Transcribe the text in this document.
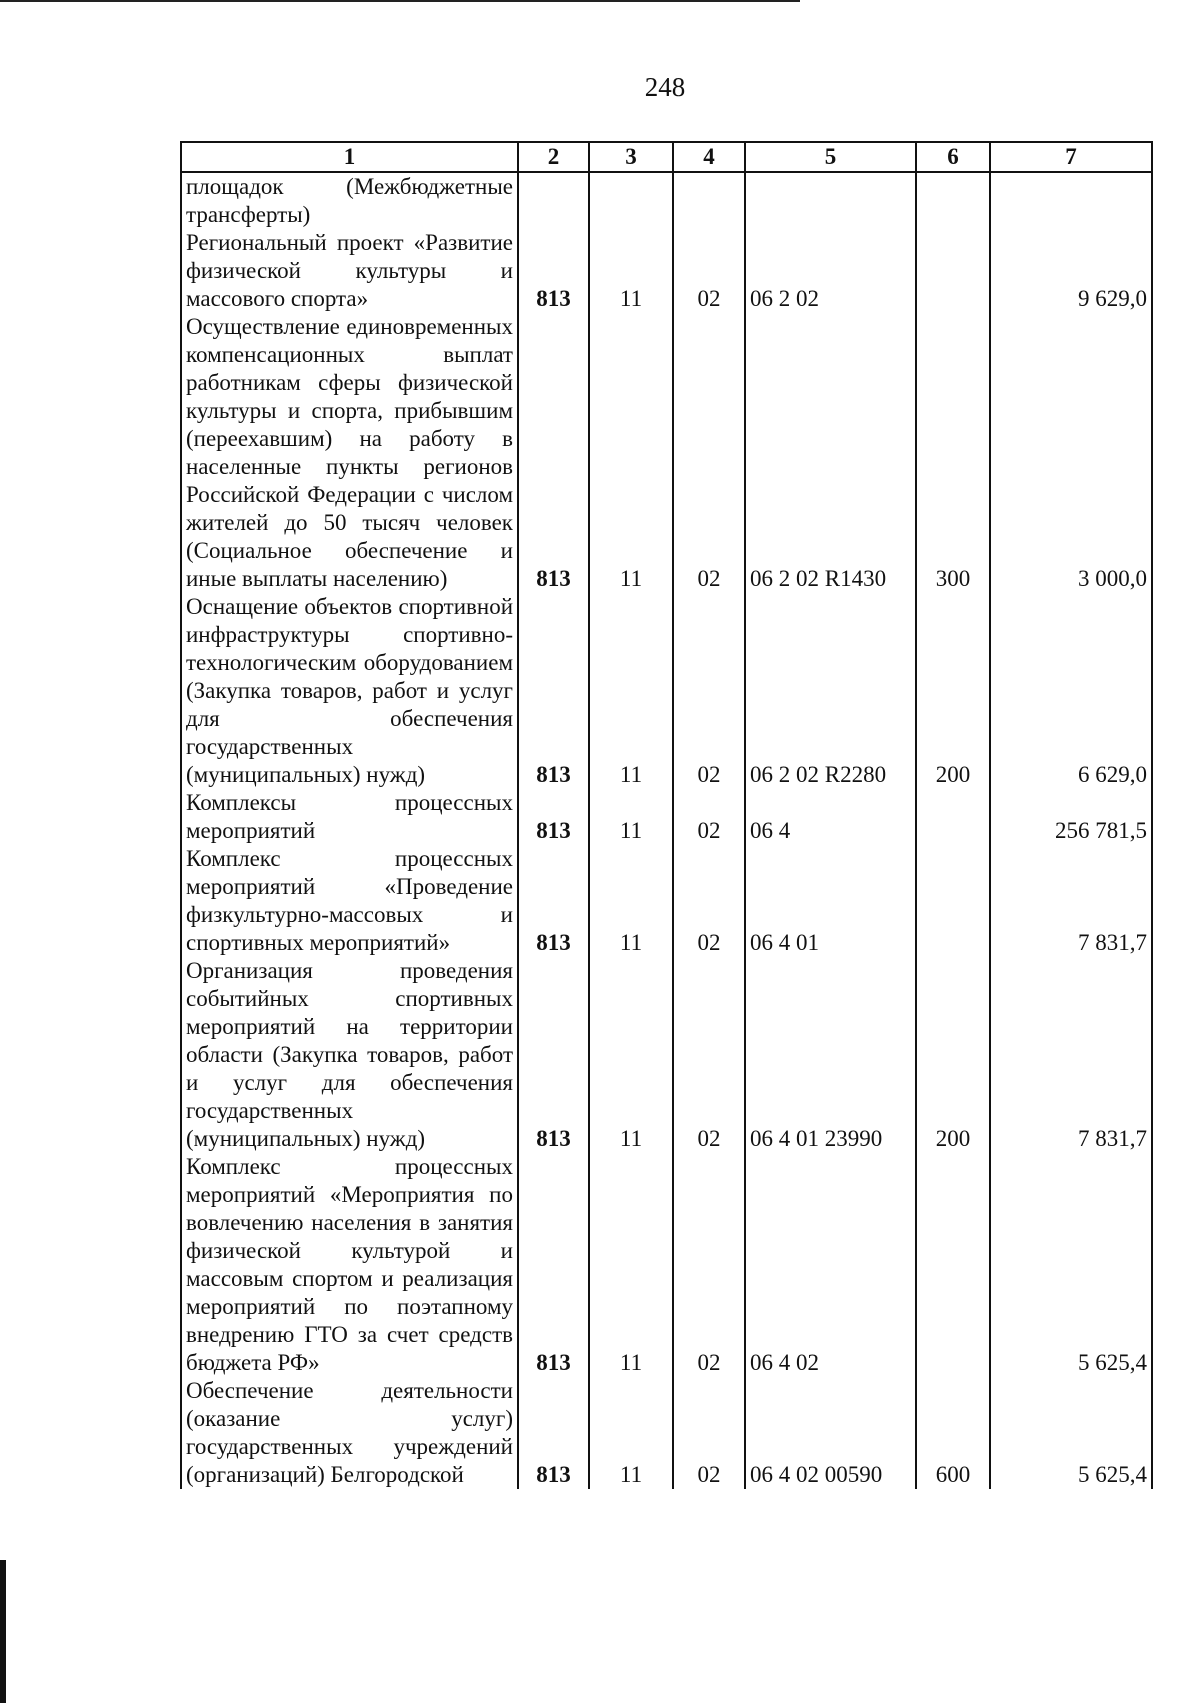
248
1	2	3	4	5	6	7
площадок (Межбюджетные трансферты)						
Региональный проект «Развитие физической культуры и массового спорта»	813	11	02	06 2 02		9 629,0
Осуществление единовременных компенсационных выплат работникам сферы физической культуры и спорта, прибывшим (переехавшим) на работу в населенные пункты регионов Российской Федерации с числом жителей до 50 тысяч человек (Социальное обеспечение и иные выплаты населению)	813	11	02	06 2 02 R1430	300	3 000,0
Оснащение объектов спортивной инфраструктуры спортивно-технологическим оборудованием (Закупка товаров, работ и услуг для обеспечения государственных (муниципальных) нужд)	813	11	02	06 2 02 R2280	200	6 629,0
Комплексы процессных мероприятий	813	11	02	06 4		256 781,5
Комплекс процессных мероприятий «Проведение физкультурно-массовых и спортивных мероприятий»	813	11	02	06 4 01		7 831,7
Организация проведения событийных спортивных мероприятий на территории области (Закупка товаров, работ и услуг для обеспечения государственных (муниципальных) нужд)	813	11	02	06 4 01 23990	200	7 831,7
Комплекс процессных мероприятий «Мероприятия по вовлечению населения в занятия физической культурой и массовым спортом и реализация мероприятий по поэтапному внедрению ГТО за счет средств бюджета РФ»	813	11	02	06 4 02		5 625,4
Обеспечение деятельности (оказание услуг) государственных учреждений (организаций) Белгородской	813	11	02	06 4 02 00590	600	5 625,4
